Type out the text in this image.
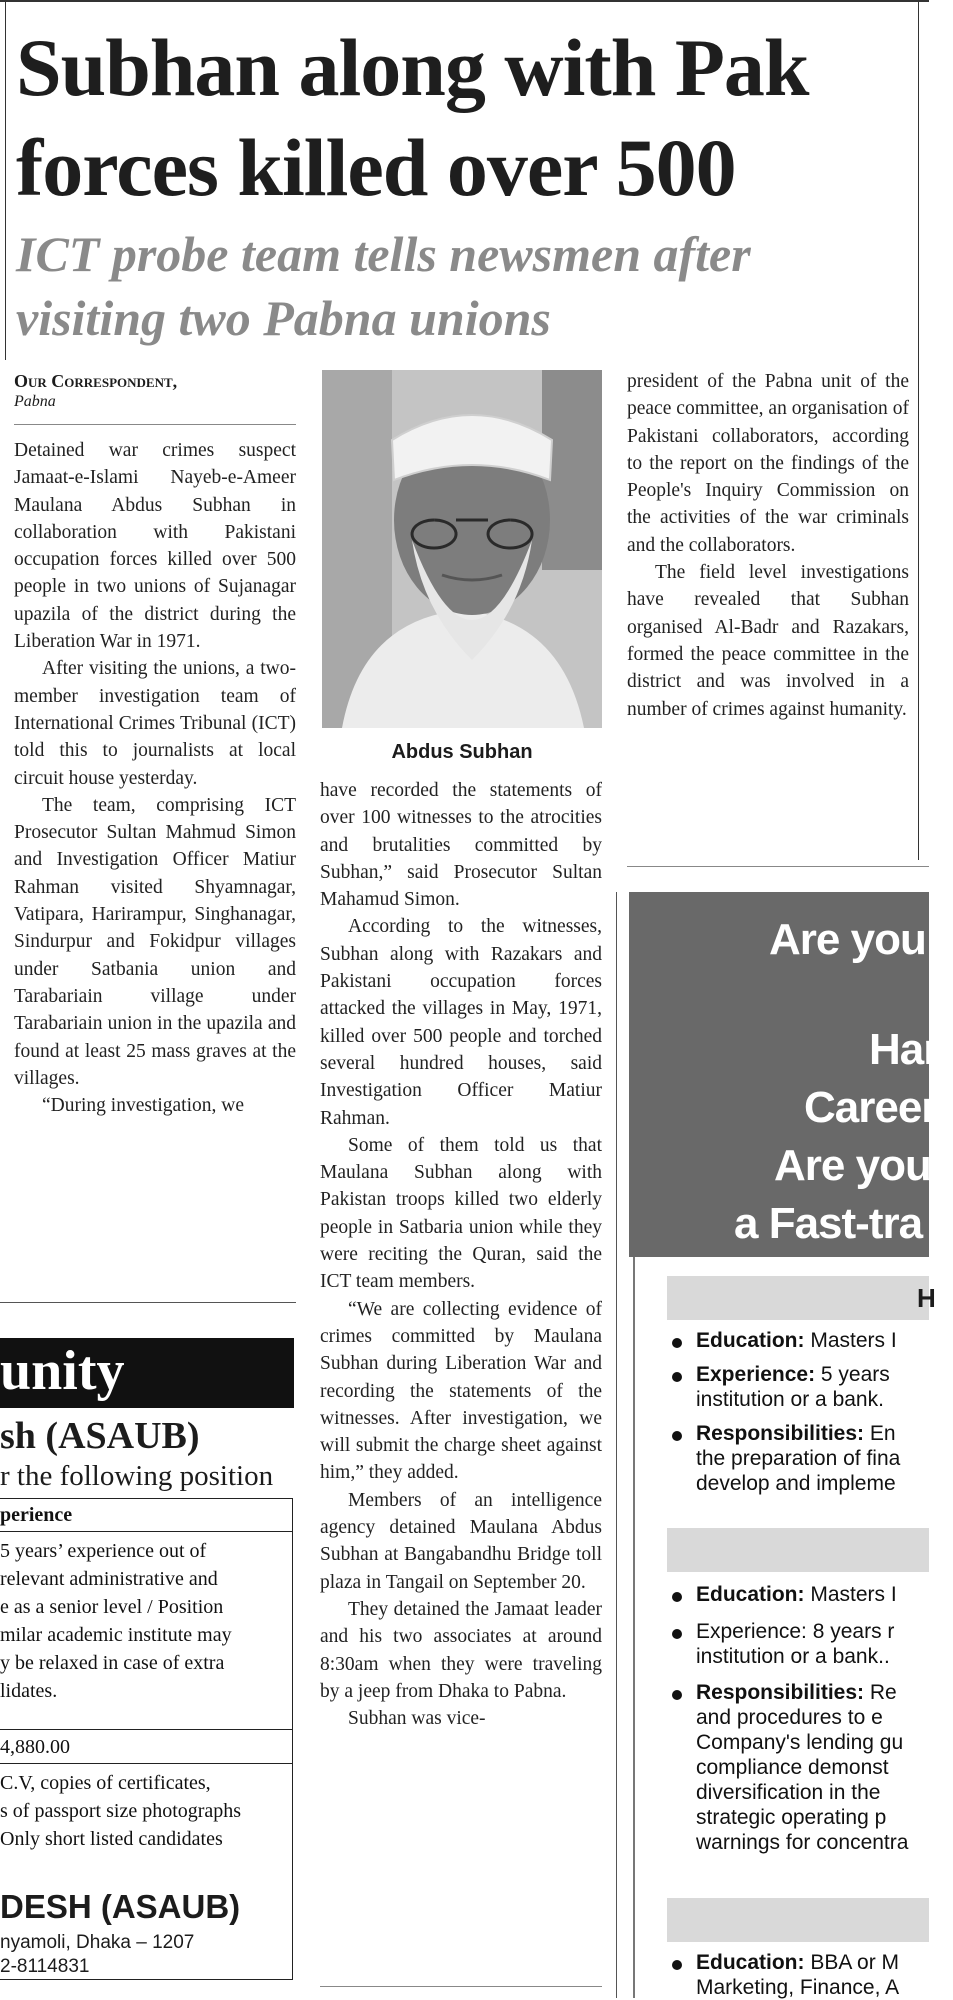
Subhan along with Pak
forces killed over 500
ICT probe team tells newsmen after
visiting two Pabna unions
Our Correspondent,
Pabna

Detained war crimes suspect Jamaat-e-Islami Nayeb-e-Ameer Maulana Abdus Subhan in collaboration with Pakistani occupation forces killed over 500 people in two unions of Sujanagar upazila of the district during the Liberation War in 1971.

After visiting the unions, a two-member investigation team of International Crimes Tribunal (ICT) told this to journalists at local circuit house yesterday.

The team, comprising ICT Prosecutor Sultan Mahmud Simon and Investigation Officer Matiur Rahman visited Shyamnagar, Vatipara, Harirampur, Singhanagar, Sindurpur and Fokidpur villages under Satbania union and Tarabariain village under Tarabariain union in the upazila and found at least 25 mass graves at the villages.

“During investigation, we

Abdus Subhan

have recorded the statements of over 100 witnesses to the atrocities and brutalities committed by Subhan,” said Prosecutor Sultan Mahamud Simon.

According to the witnesses, Subhan along with Razakars and Pakistani occupation forces attacked the villages in May, 1971, killed over 500 people and torched several hundred houses, said Investigation Officer Matiur Rahman.

Some of them told us that Maulana Subhan along with Pakistan troops killed two elderly people in Satbaria union while they were reciting the Quran, said the ICT team members.

“We are collecting evidence of crimes committed by Maulana Subhan during Liberation War and recording the statements of the witnesses. After investigation, we will submit the charge sheet against him,” they added.

Members of an intelligence agency detained Maulana Abdus Subhan at Bangabandhu Bridge toll plaza in Tangail on September 20.

They detained the Jamaat leader and his two associates at around 8:30am when they were traveling by a jeep from Dhaka to Pabna.

Subhan was vice-

president of the Pabna unit of the peace committee, an organisation of Pakistani collaborators, according to the report on the findings of the People's Inquiry Commission on the activities of the war criminals and the collaborators.

The field level investigations have revealed that Subhan organised Al-Badr and Razakars, formed the peace committee in the district and was involved in a number of crimes against humanity.

unity
sh (ASAUB)
r the following position
perience
5 years’ experience out of
relevant administrative and
e as a senior level / Position
milar academic institute may
y be relaxed in case of extra
lidates.
4,880.00
C.V, copies of certificates,
s of passport size photographs
Only short listed candidates
DESH (ASAUB)
nyamoli, Dhaka – 1207
2-8114831
Are you
Har
Careen
Are you
a Fast-tra
H
Education: Masters I
Experience: 5 years
institution or a bank.
Responsibilities: En
the preparation of fina
develop and impleme
Education: Masters I
Experience: 8 years r
institution or a bank..
Responsibilities: Re
and procedures to e
Company's lending gu
compliance demonst
diversification in the
strategic operating p
warnings for concentra
Education: BBA or M
Marketing, Finance, A
